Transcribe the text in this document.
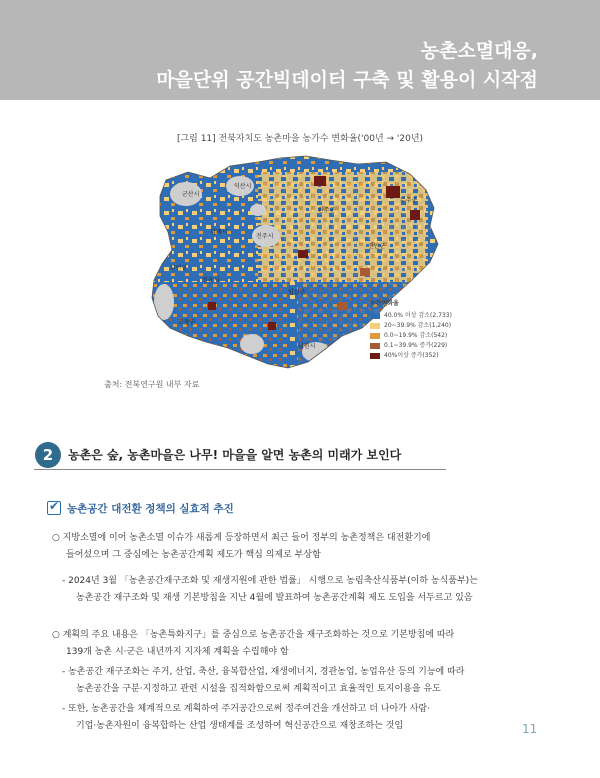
농촌소멸대응,
마을단위 공간빅데이터 구축 및 활용이 시작점
[그림 11] 전북자치도 농촌마을 농가수 변화율('00년 → '20년)
군산시
익산시
완주군
전주시
김제시
정읍시
고창군
부안군
임실군
남원시
진안군
무주군
농가변화율
40.0% 이상 감소(2,733)
20~39.9% 감소(1,240)
0.0~19.9% 감소(542)
0.1~39.9% 증가(229)
40%이상 증가(352)
출처: 전북연구원 내부 자료
2	농촌은 숲, 농촌마을은 나무! 마을을 알면 농촌의 미래가 보인다
✔ 농촌공간 대전환 정책의 실효적 추진
○ 지방소멸에 이어 농촌소멸 이슈가 새롭게 등장하면서 최근 들어 정부의 농촌정책은 대전환기에
들어섰으며 그 중심에는 농촌공간계획 제도가 핵심 의제로 부상함
- 2024년 3월 「농촌공간재구조화 및 재생지원에 관한 법률」 시행으로 농림축산식품부(이하 농식품부)는
농촌공간 재구조화 및 재생 기본방침을 지난 4월에 발표하여 농촌공간계획 제도 도입을 서두르고 있음
○ 계획의 주요 내용은 「농촌특화지구」를 중심으로 농촌공간을 재구조화하는 것으로 기본방침에 따라
139개 농촌 시·군은 내년까지 지자체 계획을 수립해야 함
- 농촌공간 재구조화는 주거, 산업, 축산, 융복합산업, 재생에너지, 경관농업, 농업유산 등의 기능에 따라
농촌공간을 구분·지정하고 관련 시설을 집적화함으로써 계획적이고 효율적인 토지이용을 유도
- 또한, 농촌공간을 체계적으로 계획하여 주거공간으로써 정주여건을 개선하고 더 나아가 사람·
기업·농촌자원이 융복합하는 산업 생태계를 조성하여 혁신공간으로 재창조하는 것임	11
